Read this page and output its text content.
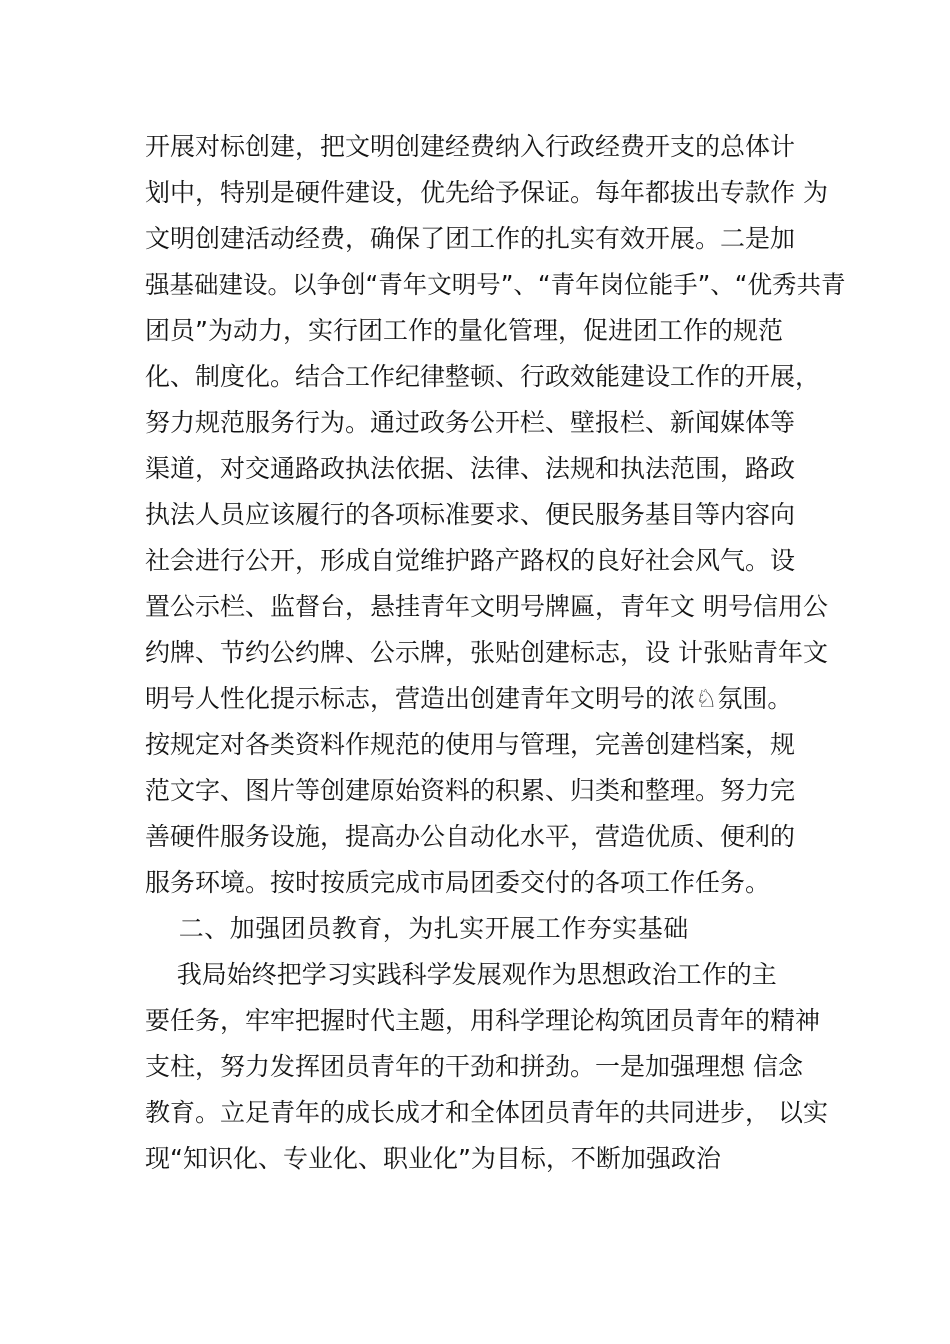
开展对标创建，把文明创建经费纳入行政经费开支的总体计
划中，特别是硬件建设，优先给予保证。每年都拔出专款作 为
文明创建活动经费，确保了团工作的扎实有效开展。二是加
强基础建设。以争创“青年文明号”、“青年岗位能手”、“优秀共青
团员”为动力，实行团工作的量化管理，促进团工作的规范
化、制度化。结合工作纪律整顿、行政效能建设工作的开展，
努力规范服务行为。通过政务公开栏、壁报栏、新闻媒体等
渠道，对交通路政执法依据、法律、法规和执法范围，路政
执法人员应该履行的各项标准要求、便民服务基目等内容向
社会进行公开，形成自觉维护路产路权的良好社会风气。设
置公示栏、监督台，悬挂青年文明号牌匾，青年文 明号信用公
约牌、节约公约牌、公示牌，张贴创建标志，设 计张贴青年文
明号人性化提示标志，营造出创建青年文明号的浓♘氛围。
按规定对各类资料作规范的使用与管理，完善创建档案，规
范文字、图片等创建原始资料的积累、归类和整理。努力完
善硬件服务设施，提高办公自动化水平，营造优质、便利的
服务环境。按时按质完成市局团委交付的各项工作任务。
二、加强团员教育，为扎实开展工作夯实基础
我局始终把学习实践科学发展观作为思想政治工作的主
要任务，牢牢把握时代主题，用科学理论构筑团员青年的精神
支柱，努力发挥团员青年的干劲和拼劲。一是加强理想 信念
教育。立足青年的成长成才和全体团员青年的共同进步， 以实
现“知识化、专业化、职业化”为目标，不断加强政治
